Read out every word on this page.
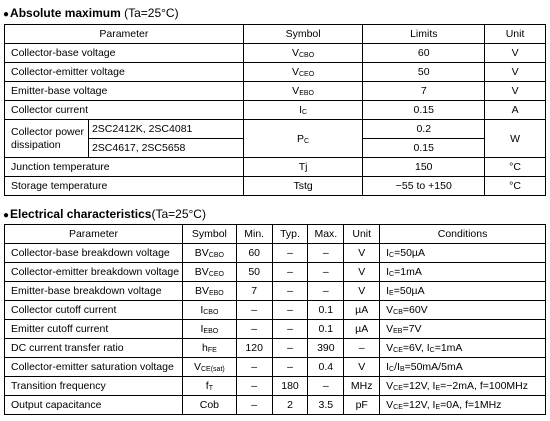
●Absolute maximum (Ta=25°C)
Parameter		Symbol	Limits	Unit
Collector-base voltage		$V_{CBO}$	60	V
Collector-emitter voltage		$V_{CEO}$	50	V
Emitter-base voltage		$V_{EBO}$	7	V
Collector current		$I_C$	0.15	A
Collector power
dissipation	2SC2412K, 2SC4081	$P_C$	0.2	W
	2SC4617, 2SC5658		0.15	
Junction temperature		Tj	150	°C
Storage temperature		Tstg	−55 to +150	°C
●Electrical characteristics(Ta=25°C)
Parameter	Symbol	Min.	Typ.	Max.	Unit	Conditions
Collector-base breakdown voltage	$BV_{CBO}$	60	–	–	V	$I_C=50\mu A$
Collector-emitter breakdown voltage	$BV_{CEO}$	50	–	–	V	$I_C=1mA$
Emitter-base breakdown voltage	$BV_{EBO}$	7	–	–	V	$I_E=50\mu A$
Collector cutoff current	$I_{CBO}$	–	–	0.1	µA	$V_{CB}=60V$
Emitter cutoff current	$I_{EBO}$	–	–	0.1	µA	$V_{EB}=7V$
DC current transfer ratio	$h_{FE}$	120	–	390	–	$V_{CE}=6V$, $I_C=1mA$
Collector-emitter saturation voltage	$V_{CE(sat)}$	–	–	0.4	V	$I_C/I_B=50mA/5mA$
Transition frequency	$f_T$	–	180	–	MHz	$V_{CE}=12V$, $I_E=-2mA$, f=100MHz
Output capacitance	Cob	–	2	3.5	pF	$V_{CE}=12V$, $I_E=0A$, f=1MHz
